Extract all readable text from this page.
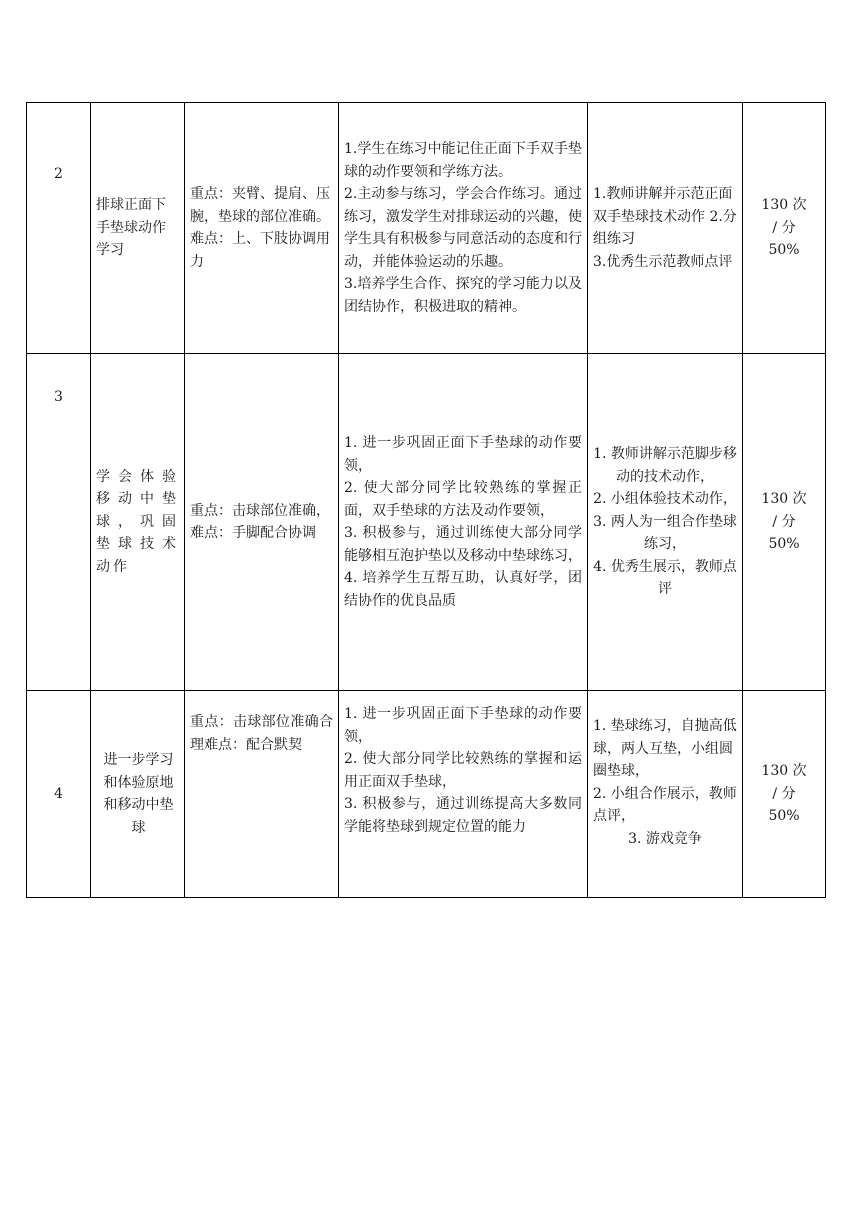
2	排球正面下手垫球动作学习	重点：夹臂、提肩、压腕，垫球的部位准确。
难点：上、下肢协调用力	1.学生在练习中能记住正面下手双手垫球的动作要领和学练方法。
2.主动参与练习，学会合作练习。通过练习，激发学生对排球运动的兴趣，使学生具有积极参与同意活动的态度和行动，并能体验运动的乐趣。
3.培养学生合作、探究的学习能力以及团结协作，积极进取的精神。	1.教师讲解并示范正面双手垫球技术动作 2.分组练习
3.优秀生示范教师点评	130 次
/ 分
50%

3	学会体验移动中垫球，巩固垫球技术动作	重点：击球部位准确，
难点：手脚配合协调	1. 进一步巩固正面下手垫球的动作要领，
2. 使大部分同学比较熟练的掌握正面，双手垫球的方法及动作要领，
3. 积极参与，通过训练使大部分同学能够相互泡护垫以及移动中垫球练习，
4. 培养学生互帮互助，认真好学，团结协作的优良品质	1. 教师讲解示范脚步移动的技术动作，
2. 小组体验技术动作，
3. 两人为一组合作垫球练习，
4. 优秀生展示，教师点评	130 次
/ 分
50%

4	进一步学习和体验原地和移动中垫球	重点：击球部位准确合理难点：配合默契	1. 进一步巩固正面下手垫球的动作要领，
2. 使大部分同学比较熟练的掌握和运用正面双手垫球，
3. 积极参与，通过训练提高大多数同学能将垫球到规定位置的能力	1. 垫球练习，自抛高低球，两人互垫，小组圆圈垫球，
2. 小组合作展示，教师点评，
3. 游戏竞争	130 次
/ 分
50%
